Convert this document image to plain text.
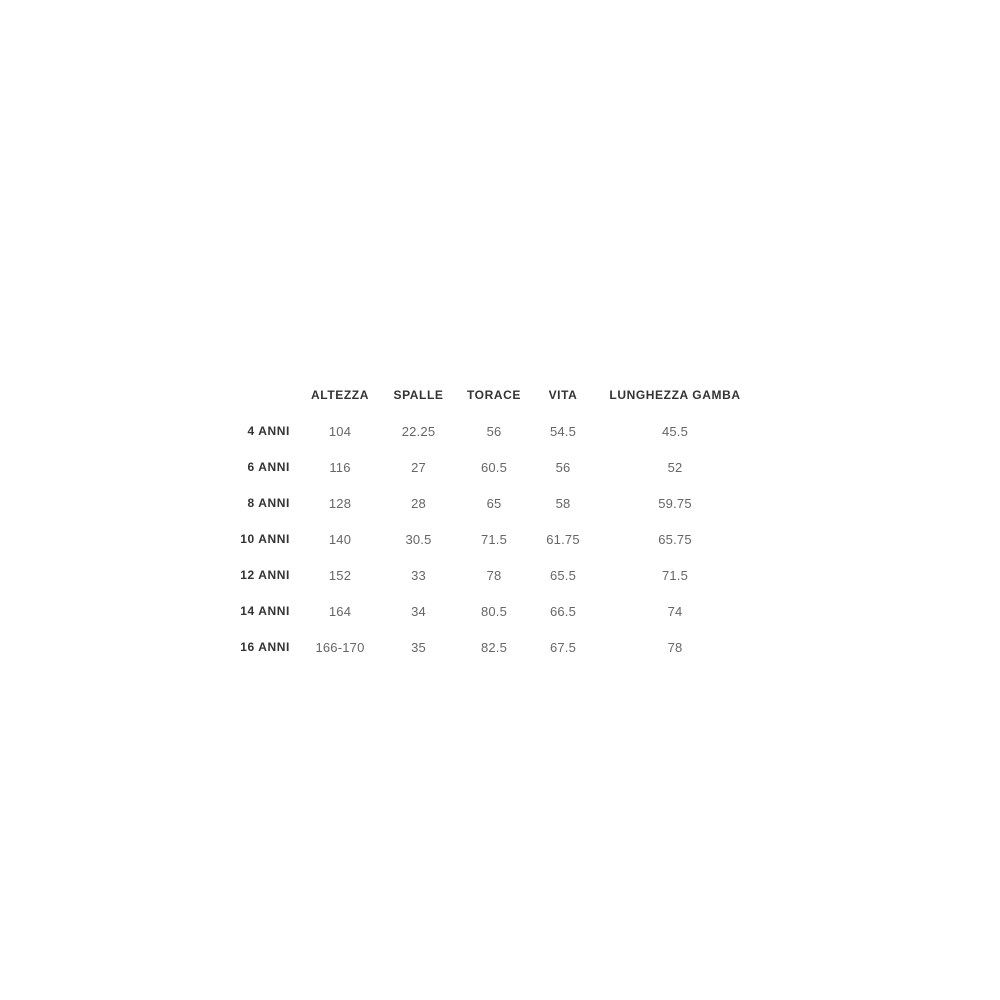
	ALTEZZA	SPALLE	TORACE	VITA	LUNGHEZZA GAMBA
4 ANNI	104	22.25	56	54.5	45.5
6 ANNI	116	27	60.5	56	52
8 ANNI	128	28	65	58	59.75
10 ANNI	140	30.5	71.5	61.75	65.75
12 ANNI	152	33	78	65.5	71.5
14 ANNI	164	34	80.5	66.5	74
16 ANNI	166-170	35	82.5	67.5	78
